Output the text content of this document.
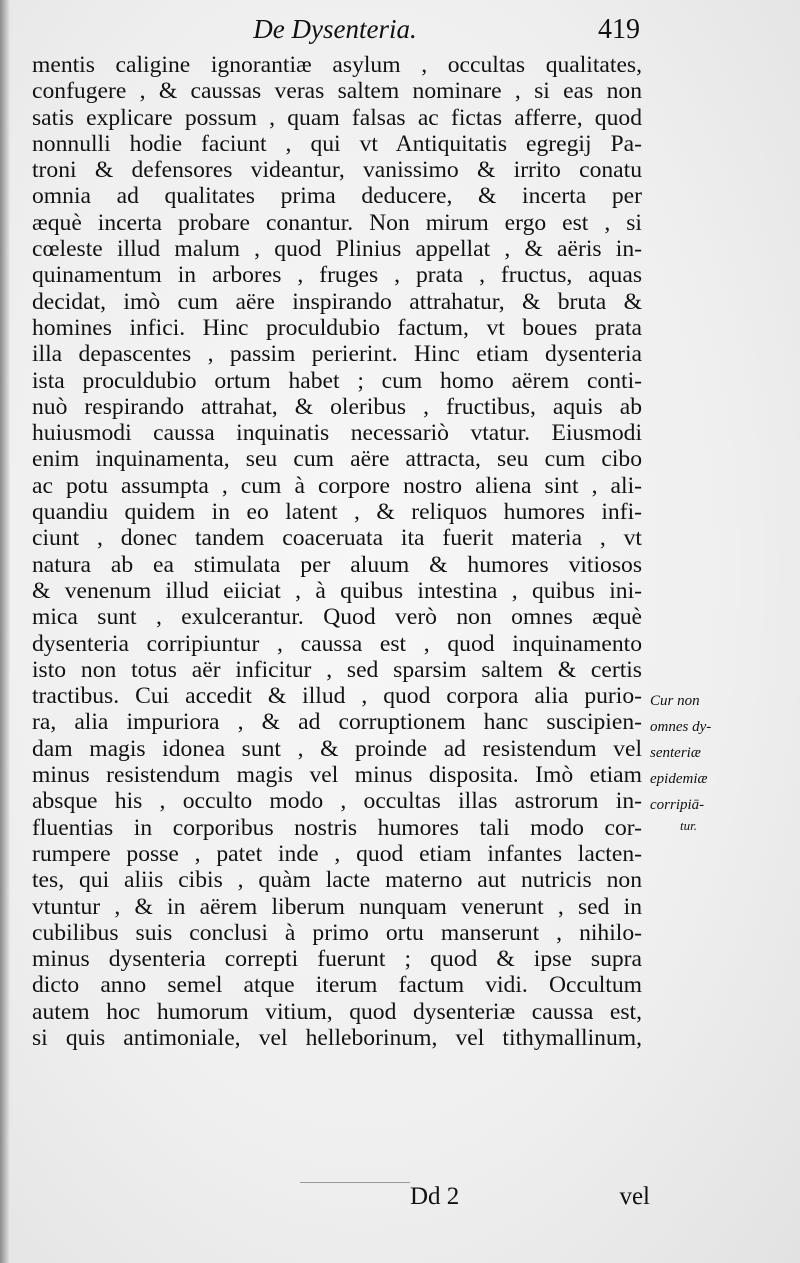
De Dysenteria.	419
mentis caligine ignorantiæ asylum , occultas qualitates,
confugere , & caussas veras saltem nominare , si eas non
satis explicare possum , quam falsas ac fictas afferre, quod
nonnulli hodie faciunt , qui vt Antiquitatis egregij Pa-
troni & defensores videantur, vanissimo & irrito conatu
omnia ad qualitates prima deducere, & incerta per
æquè incerta probare conantur. Non mirum ergo est , si
cœleste illud malum , quod Plinius appellat , & aëris in-
quinamentum in arbores , fruges , prata , fructus, aquas
decidat, imò cum aëre inspirando attrahatur, & bruta &
homines infici. Hinc proculdubio factum, vt boues prata
illa depascentes , passim perierint. Hinc etiam dysenteria
ista proculdubio ortum habet ; cum homo aërem conti-
nuò respirando attrahat, & oleribus , fructibus, aquis ab
huiusmodi caussa inquinatis necessariò vtatur. Eiusmodi
enim inquinamenta, seu cum aëre attracta, seu cum cibo
ac potu assumpta , cum à corpore nostro aliena sint , ali-
quandiu quidem in eo latent , & reliquos humores infi-
ciunt , donec tandem coaceruata ita fuerit materia , vt
natura ab ea stimulata per aluum & humores vitiosos
& venenum illud eiiciat , à quibus intestina , quibus ini-
mica sunt , exulcerantur. Quod verò non omnes æquè
dysenteria corripiuntur , caussa est , quod inquinamento
isto non totus aër inficitur , sed sparsim saltem & certis
tractibus. Cui accedit & illud , quod corpora alia purio-
ra, alia impuriora , & ad corruptionem hanc suscipien-
dam magis idonea sunt , & proinde ad resistendum vel
minus resistendum magis vel minus disposita. Imò etiam
absque his , occulto modo , occultas illas astrorum in-
fluentias in corporibus nostris humores tali modo cor-
rumpere posse , patet inde , quod etiam infantes lacten-
tes, qui aliis cibis , quàm lacte materno aut nutricis non
vtuntur , & in aërem liberum nunquam venerunt , sed in
cubilibus suis conclusi à primo ortu manserunt , nihilo-
minus dysenteria correpti fuerunt ; quod & ipse supra
dicto anno semel atque iterum factum vidi. Occultum
autem hoc humorum vitium, quod dysenteriæ caussa est,
si quis antimoniale, vel helleborinum, vel tithymallinum,
Cur non
omnes dy-
senteriæ
epidemiæ
corripiā-
tur.
Dd 2	vel
